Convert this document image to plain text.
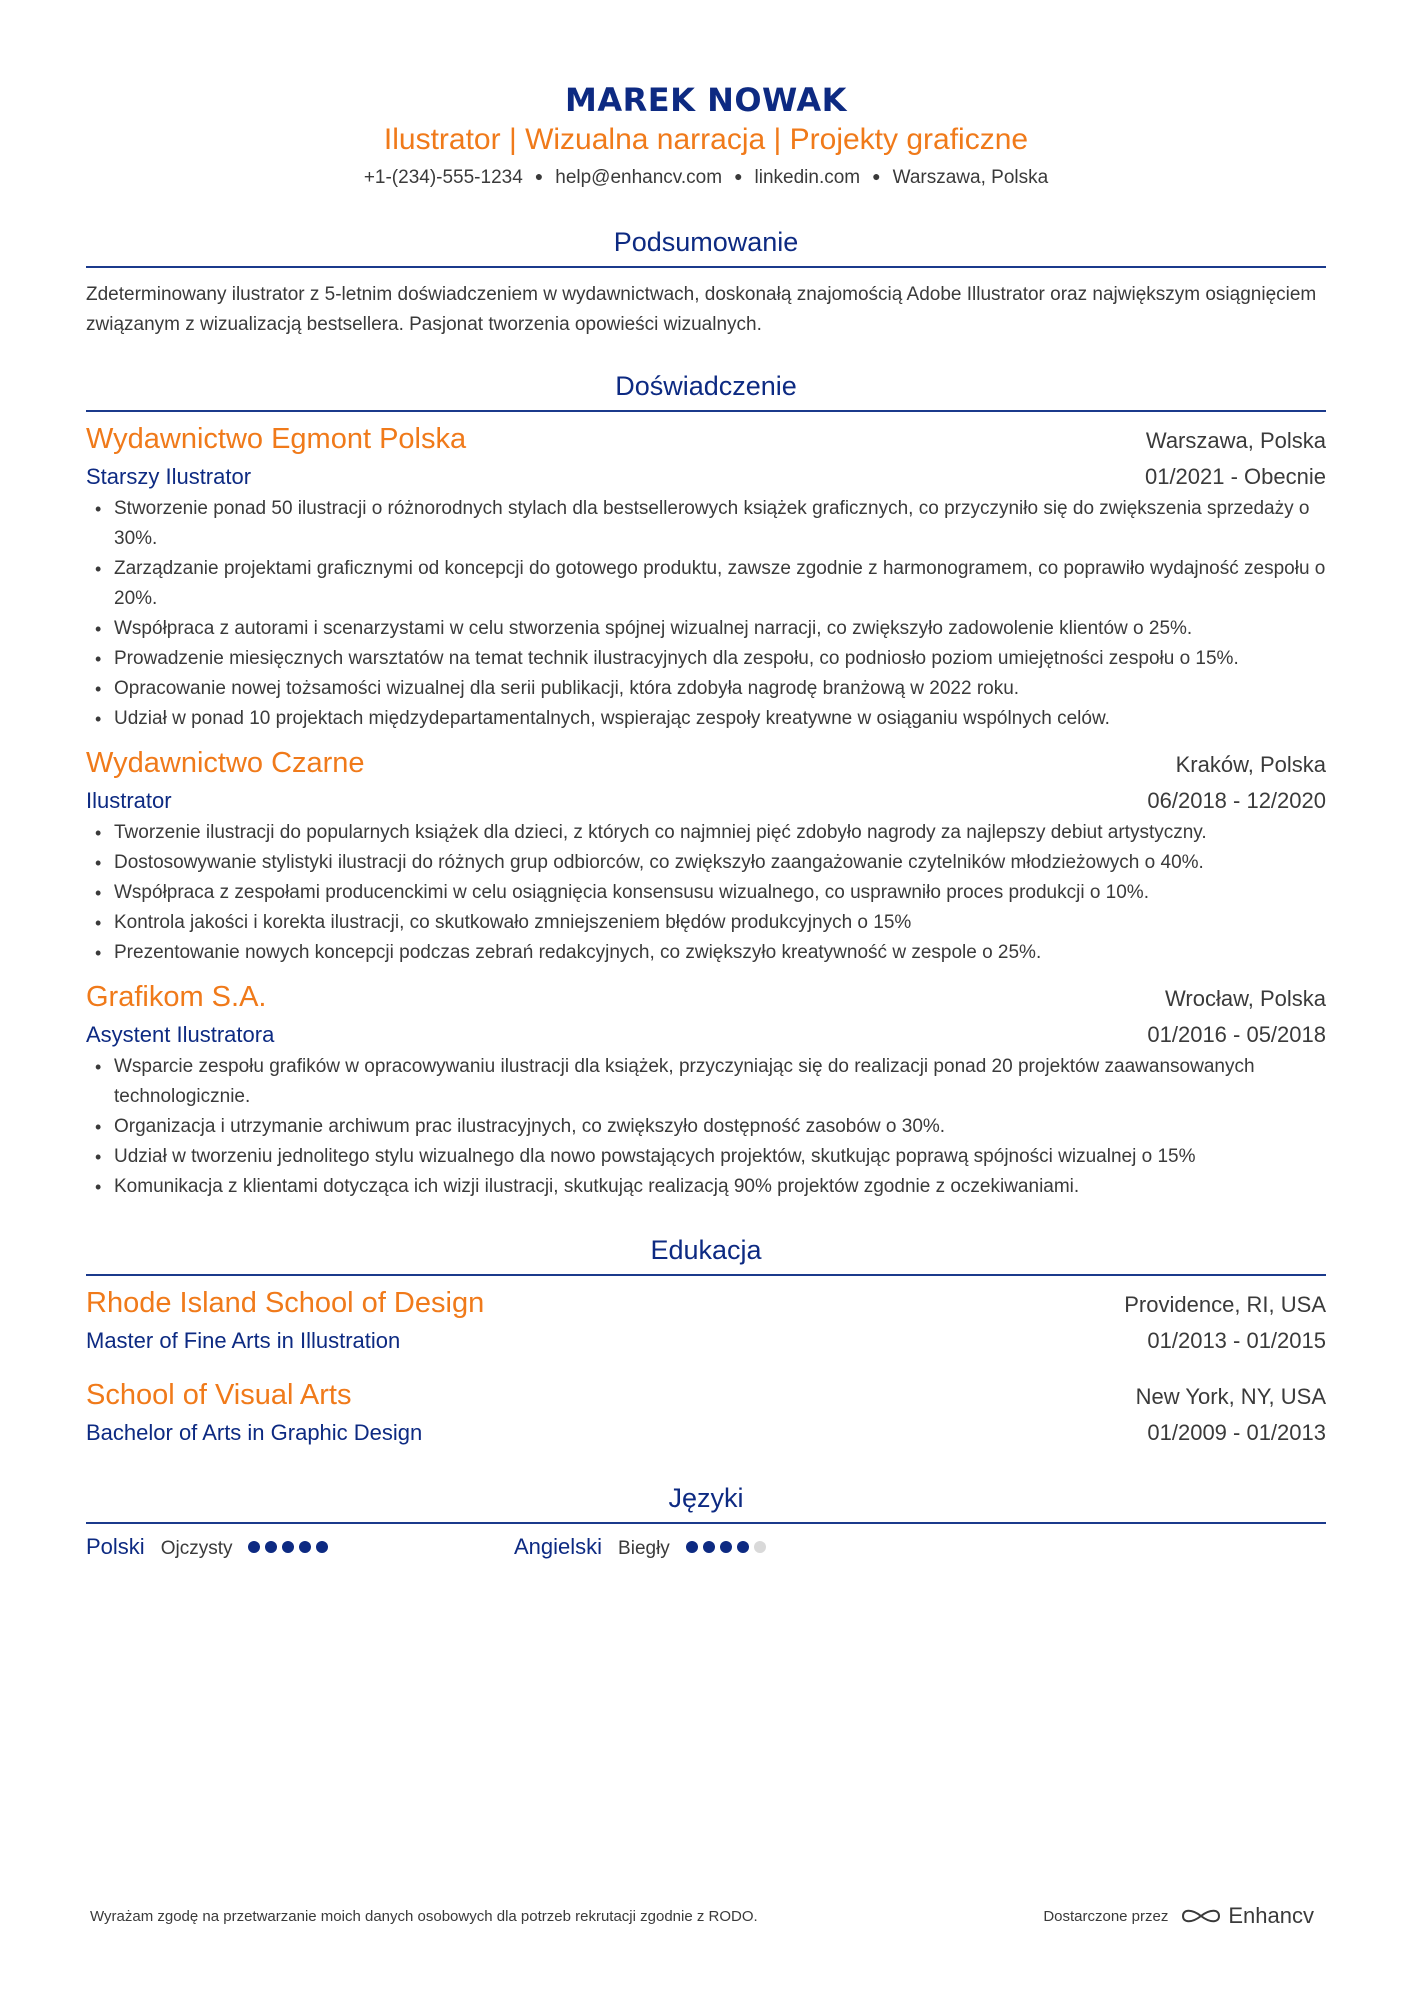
MAREK NOWAK
Ilustrator | Wizualna narracja | Projekty graficzne
+1-(234)-555-1234 ● help@enhancv.com ● linkedin.com ● Warszawa, Polska
Podsumowanie
Zdeterminowany ilustrator z 5-letnim doświadczeniem w wydawnictwach, doskonałą znajomością Adobe Illustrator oraz największym osiągnięciem związanym z wizualizacją bestsellera. Pasjonat tworzenia opowieści wizualnych.
Doświadczenie
Wydawnictwo Egmont Polska	Warszawa, Polska
Starszy Ilustrator	01/2021 - Obecnie
• Stworzenie ponad 50 ilustracji o różnorodnych stylach dla bestsellerowych książek graficznych, co przyczyniło się do zwiększenia sprzedaży o 30%.
• Zarządzanie projektami graficznymi od koncepcji do gotowego produktu, zawsze zgodnie z harmonogramem, co poprawiło wydajność zespołu o 20%.
• Współpraca z autorami i scenarzystami w celu stworzenia spójnej wizualnej narracji, co zwiększyło zadowolenie klientów o 25%.
• Prowadzenie miesięcznych warsztatów na temat technik ilustracyjnych dla zespołu, co podniosło poziom umiejętności zespołu o 15%.
• Opracowanie nowej tożsamości wizualnej dla serii publikacji, która zdobyła nagrodę branżową w 2022 roku.
• Udział w ponad 10 projektach międzydepartamentalnych, wspierając zespoły kreatywne w osiąganiu wspólnych celów.
Wydawnictwo Czarne	Kraków, Polska
Ilustrator	06/2018 - 12/2020
• Tworzenie ilustracji do popularnych książek dla dzieci, z których co najmniej pięć zdobyło nagrody za najlepszy debiut artystyczny.
• Dostosowywanie stylistyki ilustracji do różnych grup odbiorców, co zwiększyło zaangażowanie czytelników młodzieżowych o 40%.
• Współpraca z zespołami producenckimi w celu osiągnięcia konsensusu wizualnego, co usprawniło proces produkcji o 10%.
• Kontrola jakości i korekta ilustracji, co skutkowało zmniejszeniem błędów produkcyjnych o 15%
• Prezentowanie nowych koncepcji podczas zebrań redakcyjnych, co zwiększyło kreatywność w zespole o 25%.
Grafikom S.A.	Wrocław, Polska
Asystent Ilustratora	01/2016 - 05/2018
• Wsparcie zespołu grafików w opracowywaniu ilustracji dla książek, przyczyniając się do realizacji ponad 20 projektów zaawansowanych technologicznie.
• Organizacja i utrzymanie archiwum prac ilustracyjnych, co zwiększyło dostępność zasobów o 30%.
• Udział w tworzeniu jednolitego stylu wizualnego dla nowo powstających projektów, skutkując poprawą spójności wizualnej o 15%
• Komunikacja z klientami dotycząca ich wizji ilustracji, skutkując realizacją 90% projektów zgodnie z oczekiwaniami.
Edukacja
Rhode Island School of Design	Providence, RI, USA
Master of Fine Arts in Illustration	01/2013 - 01/2015
School of Visual Arts	New York, NY, USA
Bachelor of Arts in Graphic Design	01/2009 - 01/2013
Języki
Polski Ojczysty	Angielski Biegły
Wyrażam zgodę na przetwarzanie moich danych osobowych dla potrzeb rekrutacji zgodnie z RODO.	Dostarczone przez	Enhancv
